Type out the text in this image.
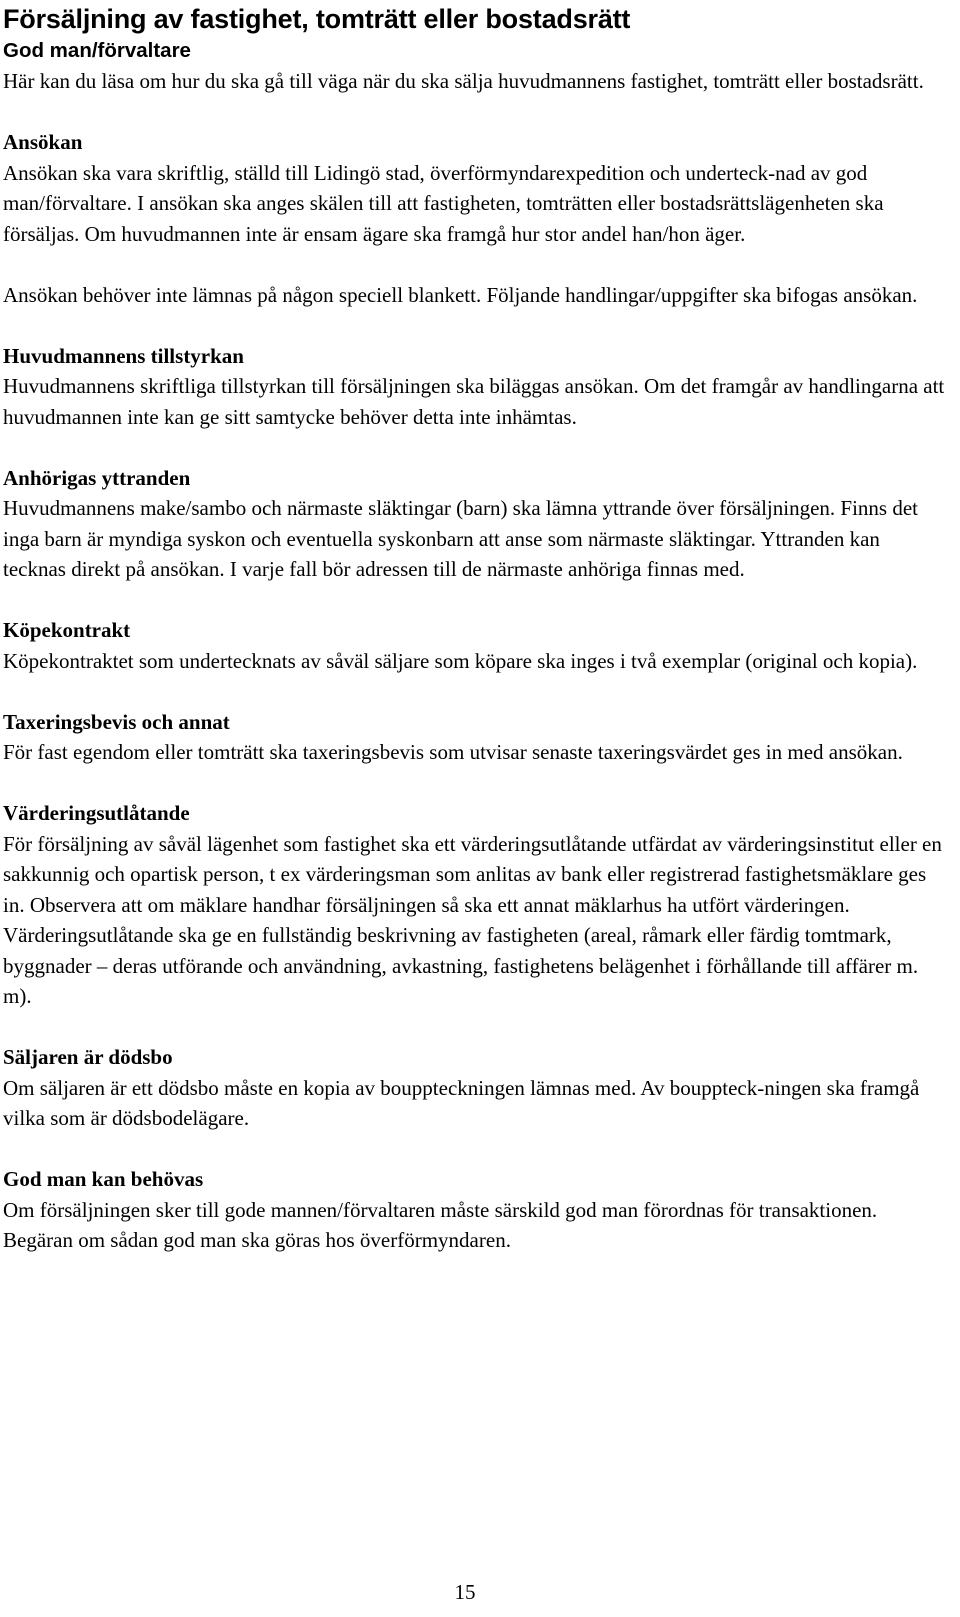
Försäljning av fastighet, tomträtt eller bostadsrätt
God man/förvaltare

Här kan du läsa om hur du ska gå till väga när du ska sälja huvudmannens fastighet, tomträtt eller bostadsrätt.

Ansökan

Ansökan ska vara skriftlig, ställd till Lidingö stad, överförmyndarexpedition och underteck-nad av god man/förvaltare. I ansökan ska anges skälen till att fastigheten, tomträtten eller bostadsrättslägenheten ska försäljas. Om huvudmannen inte är ensam ägare ska framgå hur stor andel han/hon äger.

Ansökan behöver inte lämnas på någon speciell blankett. Följande handlingar/uppgifter ska bifogas ansökan.

Huvudmannens tillstyrkan

Huvudmannens skriftliga tillstyrkan till försäljningen ska biläggas ansökan. Om det framgår av handlingarna att huvudmannen inte kan ge sitt samtycke behöver detta inte inhämtas.

Anhörigas yttranden

Huvudmannens make/sambo och närmaste släktingar (barn) ska lämna yttrande över försäljningen. Finns det inga barn är myndiga syskon och eventuella syskonbarn att anse som närmaste släktingar. Yttranden kan tecknas direkt på ansökan. I varje fall bör adressen till de närmaste anhöriga finnas med.

Köpekontrakt

Köpekontraktet som undertecknats av såväl säljare som köpare ska inges i två exemplar (original och kopia).

Taxeringsbevis och annat

För fast egendom eller tomträtt ska taxeringsbevis som utvisar senaste taxeringsvärdet ges in med ansökan.

Värderingsutlåtande

För försäljning av såväl lägenhet som fastighet ska ett värderingsutlåtande utfärdat av värderingsinstitut eller en sakkunnig och opartisk person, t ex värderingsman som anlitas av bank eller registrerad fastighetsmäklare ges in. Observera att om mäklare handhar försäljningen så ska ett annat mäklarhus ha utfört värderingen.

Värderingsutlåtande ska ge en fullständig beskrivning av fastigheten (areal, råmark eller färdig tomtmark, byggnader – deras utförande och användning, avkastning, fastighetens belägenhet i förhållande till affärer m. m).

Säljaren är dödsbo

Om säljaren är ett dödsbo måste en kopia av bouppteckningen lämnas med. Av bouppteck-ningen ska framgå vilka som är dödsbodelägare.

God man kan behövas

Om försäljningen sker till gode mannen/förvaltaren måste särskild god man förordnas för transaktionen. Begäran om sådan god man ska göras hos överförmyndaren.

15
